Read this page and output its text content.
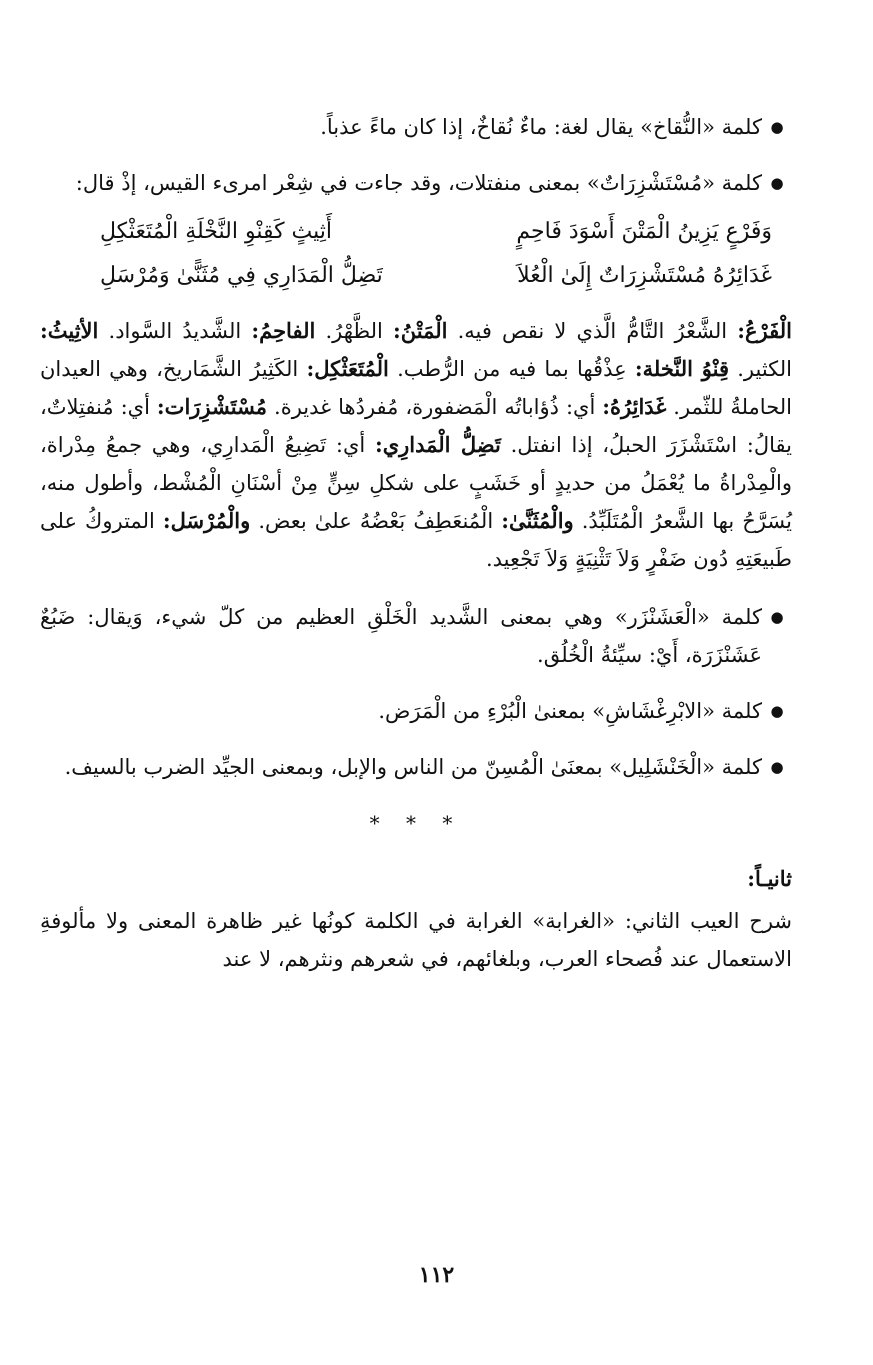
●
كلمة «النُّقاخ» يقال لغة: ماءٌ نُقاخٌ، إذا كان ماءً عذباً.
●
كلمة «مُسْتَشْزِرَاتٌ» بمعنى منفتلات، وقد جاءت في شِعْر امرىء القيس، إذْ قال:
وَفَرْعٍ يَزِينُ الْمَتْنَ أَسْوَدَ فَاحِمٍ
أَثِيثٍ كَقِنْوِ النَّخْلَةِ الْمُتَعَثْكِلِ
غَدَائِرُهُ مُسْتَشْزِرَاتٌ إِلَىٰ الْعُلاَ
تَضِلُّ الْمَدَارِي فِي مُثَنًّىٰ وَمُرْسَلِ
الْفَرْعُ: الشَّعْرُ التَّامُّ الَّذي لا نقص فيه. الْمَتْنُ: الظَّهْرُ. الفاحِمُ: الشَّديدُ السَّواد. الأثِيثُ: الكثير. قِنْوُ النَّخلة: عِذْقُها بما فيه من الرُّطب. الْمُتَعَثْكِل: الكَثِيرُ الشَّمَاريخ، وهي العيدان الحاملةُ للثّمر. غَدَائِرُهُ: أي: ذُؤاباتُه الْمَضفورة، مُفردُها غديرة. مُسْتَشْزِرَات: أي: مُنفتِلاتٌ، يقالُ: اسْتَشْزَرَ الحبلُ، إذا انفتل. تَضِلُّ الْمَدارِي: أي: تَضِيعُ الْمَدارِي، وهي جمعُ مِدْراة، والْمِدْراةُ ما يُعْمَلُ من حديدٍ أو خَشَبٍ على شكلِ سِنٍّ مِنْ أسْنَانِ الْمُشْط، وأطول منه، يُسَرَّحُ بها الشَّعرُ الْمُتَلَبِّدُ. والْمُثَنَّىٰ: الْمُنعَطِفُ بَعْضُهُ علىٰ بعض. والْمُرْسَل: المتروكُ على طَبيعَتِهِ دُون ضَفْرٍ وَلاَ تَثْنِيَةٍ وَلاَ تَجْعِيد.
●
كلمة «الْعَشَنْزَر» وهي بمعنى الشَّديد الْخَلْقِ العظيم من كلّ شيء، وَيقال: ضَبُعٌ عَشَنْزَرَة، أَيْ: سيِّئةُ الْخُلُق.
●
كلمة «الابْرِغْشَاشِ» بمعنىٰ الْبُرْءِ من الْمَرَض.
●
كلمة «الْخَنْشَلِيل» بمعنَىٰ الْمُسِنّ من الناس والإبل، وبمعنى الجيِّد الضرب بالسيف.
* * *
ثانيـاً:
شرح العيب الثاني: «الغرابة» الغرابة في الكلمة كونُها غير ظاهرة المعنى ولا مألوفةِ الاستعمال عند فُصحاء العرب، وبلغائهم، في شعرهم ونثرهم، لا عند
١١٢
